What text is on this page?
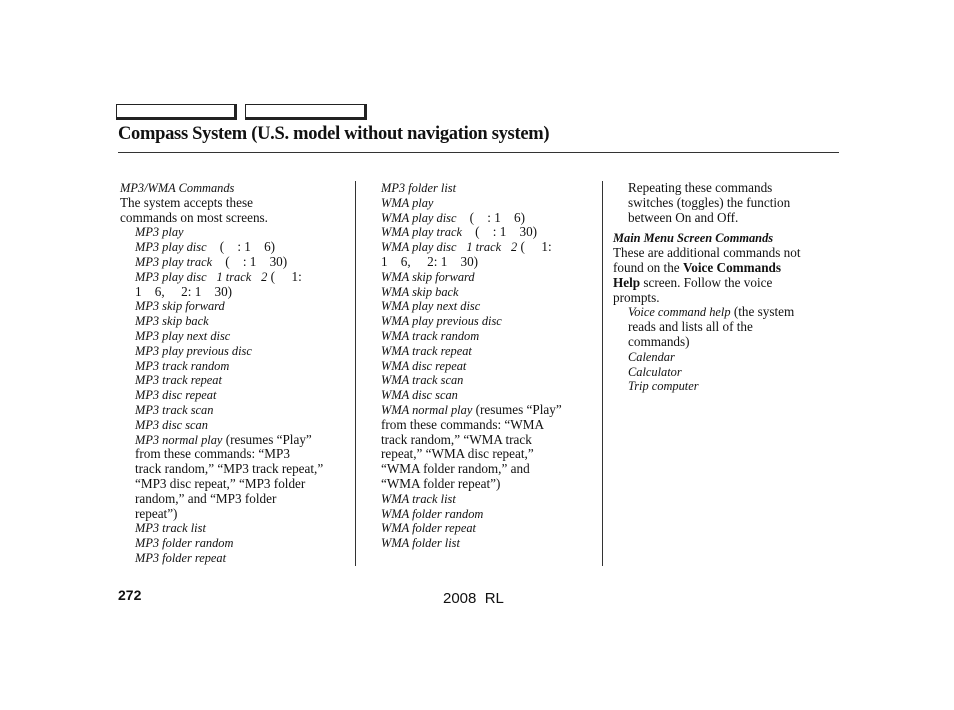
Compass System (U.S. model without navigation system)
MP3/WMA Commands
The system accepts these
commands on most screens.
MP3 play
MP3 play disc    (    : 1    6)
MP3 play track    (    : 1    30)
MP3 play disc 1 track 2 (     1:
1    6,     2: 1    30)
MP3 skip forward
MP3 skip back
MP3 play next disc
MP3 play previous disc
MP3 track random
MP3 track repeat
MP3 disc repeat
MP3 track scan
MP3 disc scan
MP3 normal play (resumes “Play”
from these commands: “MP3
track random,” “MP3 track repeat,”
“MP3 disc repeat,” “MP3 folder
random,” and “MP3 folder
repeat”)
MP3 track list
MP3 folder random
MP3 folder repeat
MP3 folder list
WMA play
WMA play disc    (    : 1    6)
WMA play track    (    : 1    30)
WMA play disc 1 track 2 (     1:
1    6,     2: 1    30)
WMA skip forward
WMA skip back
WMA play next disc
WMA play previous disc
WMA track random
WMA track repeat
WMA disc repeat
WMA track scan
WMA disc scan
WMA normal play (resumes “Play”
from these commands: “WMA
track random,” “WMA track
repeat,” “WMA disc repeat,”
“WMA folder random,” and
“WMA folder repeat”)
WMA track list
WMA folder random
WMA folder repeat
WMA folder list
Repeating these commands
switches (toggles) the function
between On and Off.
Main Menu Screen Commands
These are additional commands not
found on the Voice Commands
Help screen. Follow the voice
prompts.
Voice command help (the system
reads and lists all of the
commands)
Calendar
Calculator
Trip computer
272	2008  RL
